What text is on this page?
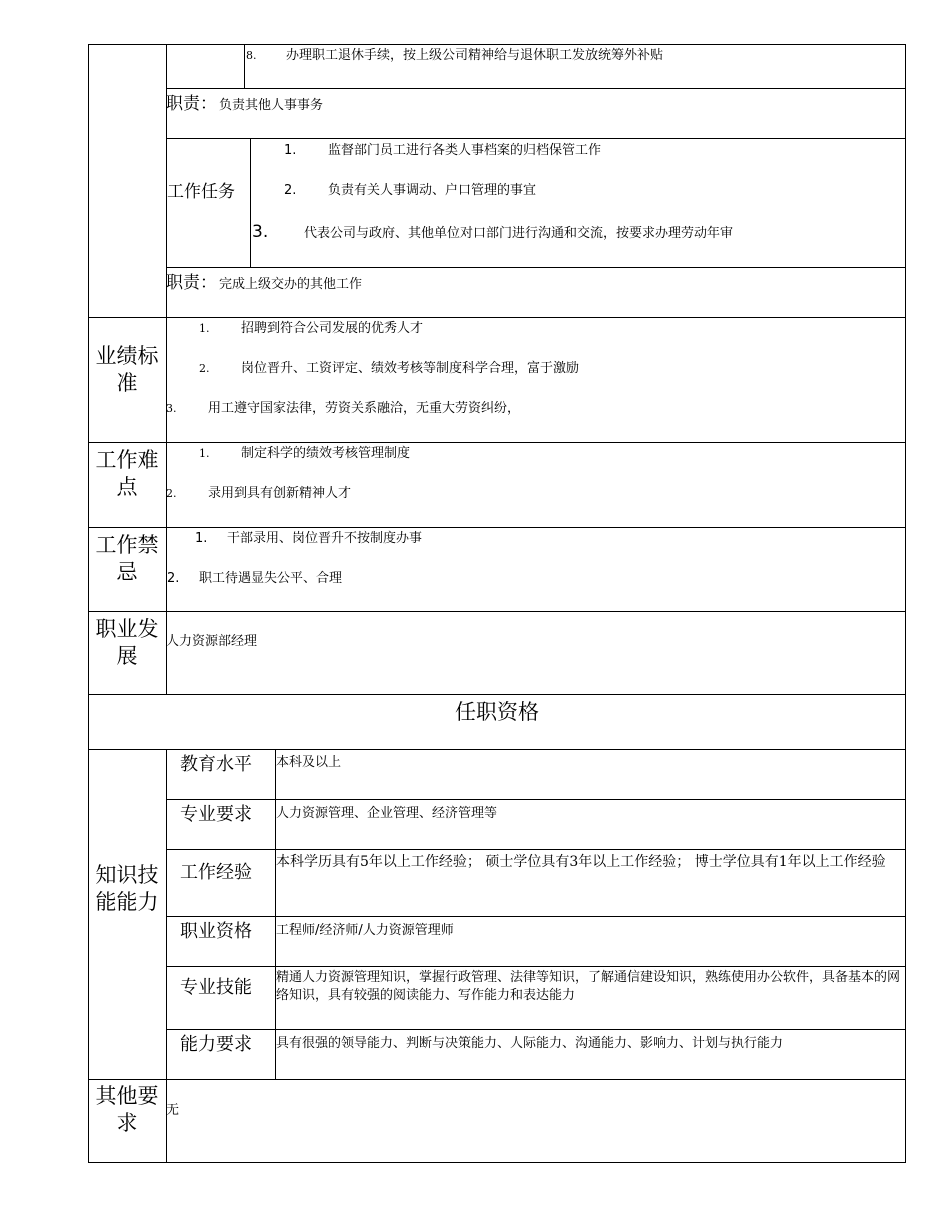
8. 办理职工退休手续，按上级公司精神给与退休职工发放统筹外补贴
职责： 负责其他人事事务
工作任务
1. 监督部门员工进行各类人事档案的归档保管工作
2. 负责有关人事调动、户口管理的事宜
3.	代表公司与政府、其他单位对口部门进行沟通和交流，按要求办理劳动年审
职责： 完成上级交办的其他工作
业绩标准
1. 招聘到符合公司发展的优秀人才
2. 岗位晋升、工资评定、绩效考核等制度科学合理，富于激励
3. 用工遵守国家法律，劳资关系融洽，无重大劳资纠纷，
工作难点
1. 制定科学的绩效考核管理制度
2. 录用到具有创新精神人才
工作禁忌
1. 干部录用、岗位晋升不按制度办事
2. 职工待遇显失公平、合理
职业发展
人力资源部经理
任职资格
知识技能能力
教育水平 本科及以上
专业要求 人力资源管理、企业管理、经济管理等
工作经验 本科学历具有5年以上工作经验； 硕士学位具有3年以上工作经验； 博士学位具有1年以上工作经验
职业资格 工程师/经济师/人力资源管理师
专业技能 精通人力资源管理知识，掌握行政管理、法律等知识，了解通信建设知识，熟练使用办公软件，具备基本的网络知识，具有较强的阅读能力、写作能力和表达能力
能力要求 具有很强的领导能力、判断与决策能力、人际能力、沟通能力、影响力、计划与执行能力
其他要求
无
